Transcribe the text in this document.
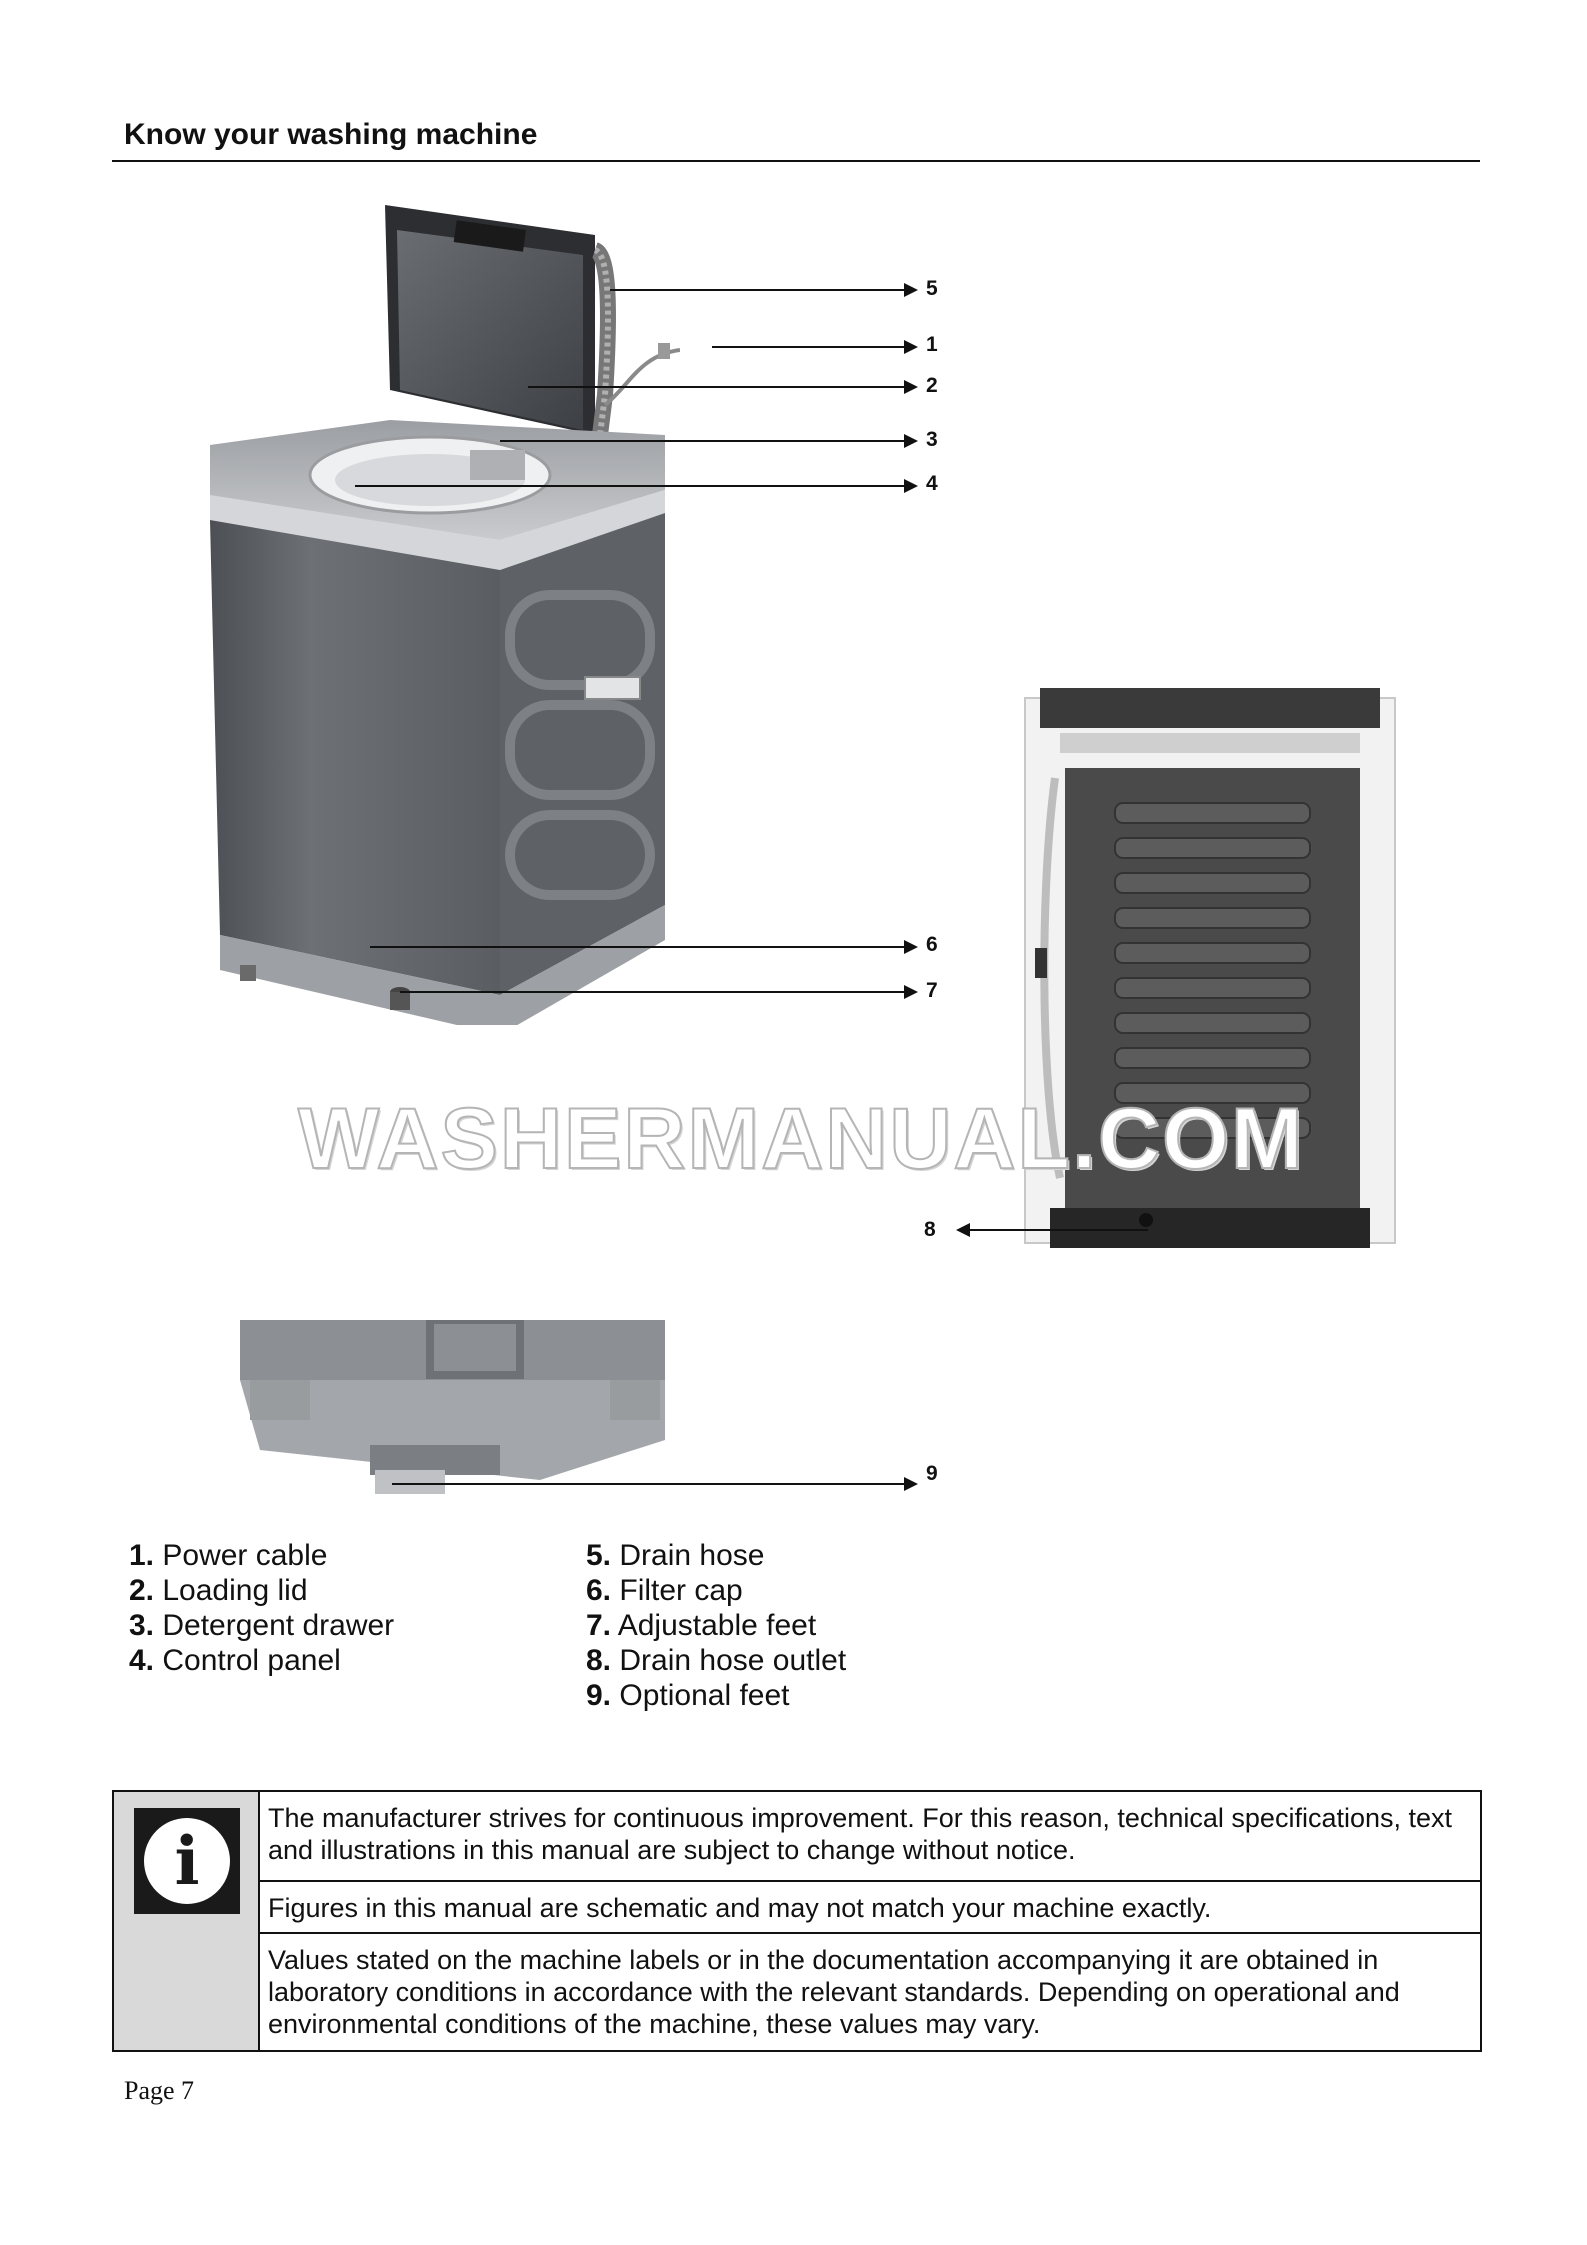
Know your washing machine
5
1
2
3
4
6
7
8
9
WASHERMANUAL.COM
1. Power cable
2. Loading lid
3. Detergent drawer
4. Control panel
5. Drain hose
6. Filter cap
7. Adjustable feet
8. Drain hose outlet
9. Optional feet
i
The manufacturer strives for continuous improvement. For this reason, technical specifications, text and illustrations in this manual are subject to change without notice.
Figures in this manual are schematic and may not match your machine exactly.
Values stated on the machine labels or in the documentation accompanying it are obtained in laboratory conditions in accordance with the relevant standards. Depending on operational and environmental conditions of the machine, these values may vary.
Page 7
